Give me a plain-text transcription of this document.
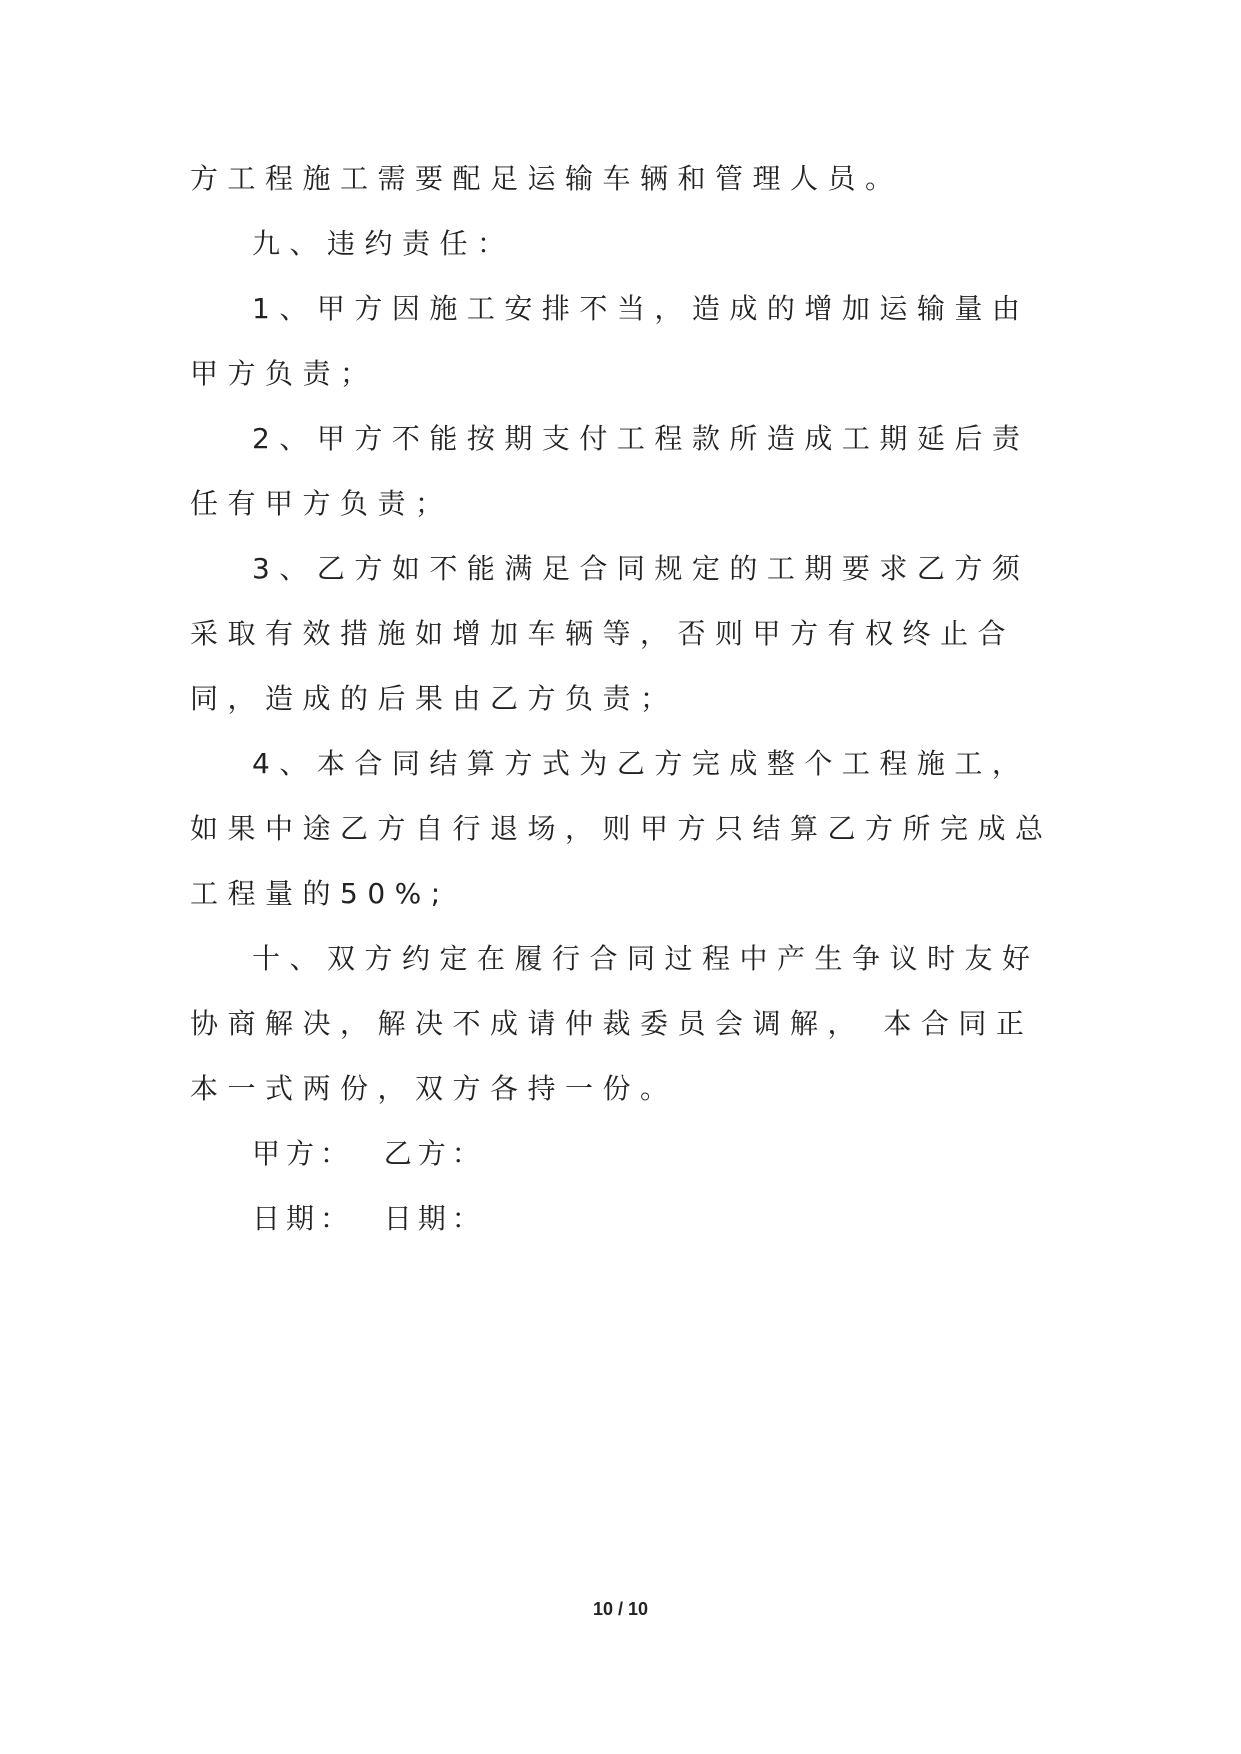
方工程施工需要配足运输车辆和管理人员。

九、违约责任：

1、甲方因施工安排不当，造成的增加运输量由甲方负责；

2、甲方不能按期支付工程款所造成工期延后责任有甲方负责；

3、乙方如不能满足合同规定的工期要求乙方须采取有效措施如增加车辆等，否则甲方有权终止合同，造成的后果由乙方负责；

4、本合同结算方式为乙方完成整个工程施工，如果中途乙方自行退场，则甲方只结算乙方所完成总工程量的50%;

十、双方约定在履行合同过程中产生争议时友好协商解决，解决不成请仲裁委员会调解， 本合同正本一式两份，双方各持一份。

甲方：  乙方：

日期：  日期：

10 / 10
